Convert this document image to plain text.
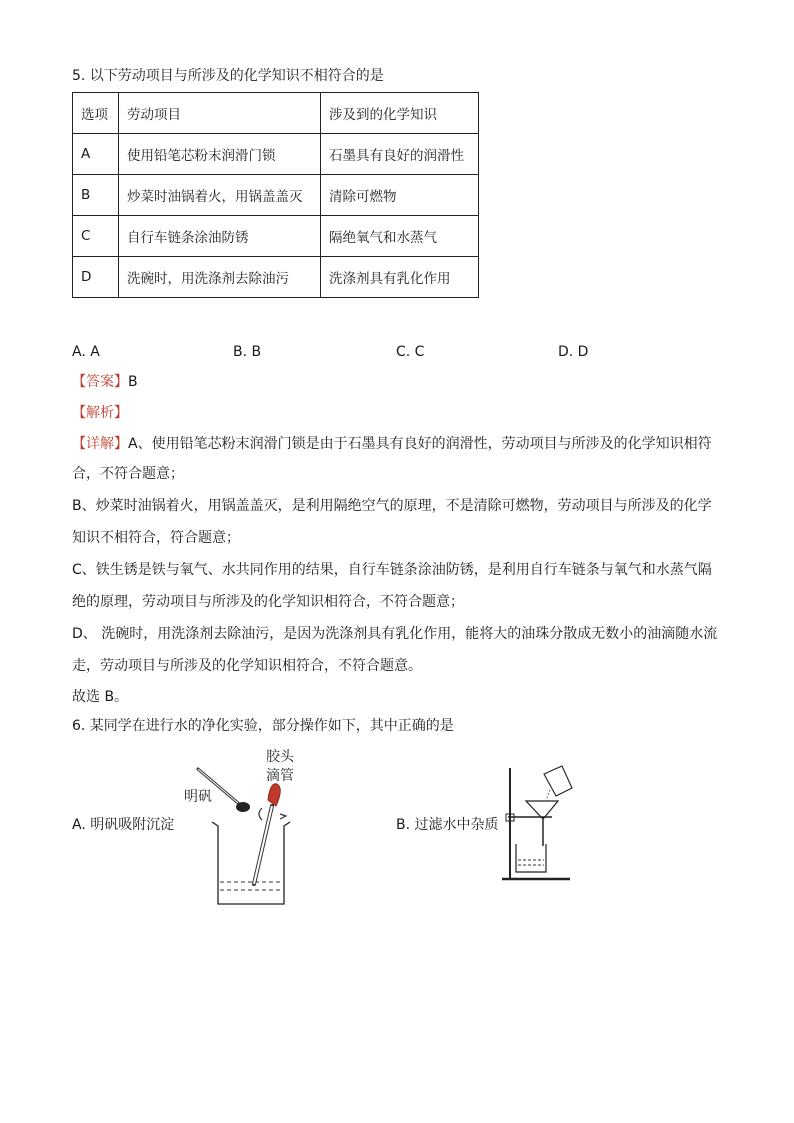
5. 以下劳动项目与所涉及的化学知识不相符合的是
选项	劳动项目	涉及到的化学知识
A	使用铅笔芯粉末润滑门锁	石墨具有良好的润滑性
B	炒菜时油锅着火，用锅盖盖灭	清除可燃物
C	自行车链条涂油防锈	隔绝氧气和水蒸气
D	洗碗时，用洗涤剂去除油污	洗涤剂具有乳化作用
A. A	B. B	C. C	D. D
【答案】B
【解析】
【详解】A、使用铅笔芯粉末润滑门锁是由于石墨具有良好的润滑性，劳动项目与所涉及的化学知识相符
合，不符合题意；
B、炒菜时油锅着火，用锅盖盖灭，是利用隔绝空气的原理，不是清除可燃物，劳动项目与所涉及的化学
知识不相符合，符合题意；
C、铁生锈是铁与氧气、水共同作用的结果，自行车链条涂油防锈，是利用自行车链条与氧气和水蒸气隔
绝的原理，劳动项目与所涉及的化学知识相符合，不符合题意；
D、 洗碗时，用洗涤剂去除油污，是因为洗涤剂具有乳化作用，能将大的油珠分散成无数小的油滴随水流
走，劳动项目与所涉及的化学知识相符合，不符合题意。
故选 B。
6. 某同学在进行水的净化实验，部分操作如下，其中正确的是
A. 明矾吸附沉淀	B. 过滤水中杂质
明矾
胶头
滴管
